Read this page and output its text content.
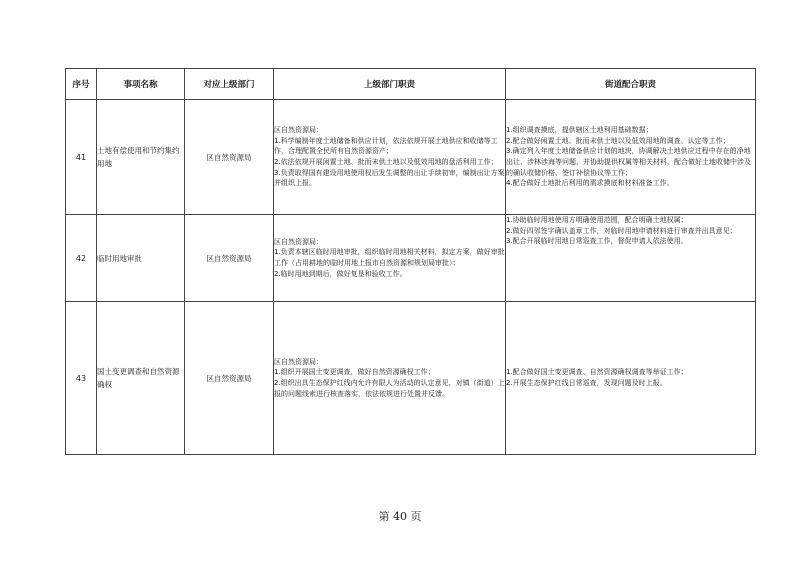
序号	事项名称	对应上级部门	上级部门职责	街道配合职责
41	土地有偿使用和节约集约用地	区自然资源局	区自然资源局：
1.科学编制年度土地储备和供应计划，依法依规开展土地供应和收储等工作，合理配置全民所有自然资源资产；
2.依法依规开展闲置土地、批而未供土地以及低效用地的盘活利用工作；
3.负责取得国有建设用地使用权后发生调整的出让手续初审，编制出让方案并组织上报。	1.组织调查摸底，提供辖区土地利用基础数据；
2.配合做好闲置土地、批而未供土地以及低效用地的调查、认定等工作；
3.确定列入年度土地储备供应计划的地块，协调解决土地供应过程中存在的净地出让、涉林涉海等问题，并协助提供权属等相关材料，配合做好土地收储中涉及的确认收储价格、签订补偿协议等工作；
4.配合做好土地批后利用的需求摸底和材料准备工作。

42	临时用地审批	区自然资源局	区自然资源局：
1.负责本辖区临时用地审批，组织临时用地相关材料，拟定方案，做好审批工作（占用耕地的临时用地上报市自然资源和规划局审批）；
2.临时用地到期后，做好复垦和验收工作。	1.协助临时用地使用方明确使用范围，配合明确土地权属；
2.做好四邻签字确认盖章工作，对临时用地申请材料进行审查并出具意见；
3.配合开展临时用地日常巡查工作，督促申请人依法使用。

43	国土变更调查和自然资源确权	区自然资源局	区自然资源局：
1.组织开展国土变更调查，做好自然资源确权工作；
2.组织出具生态保护红线内允许有限人为活动的认定意见，对镇（街道）上报的问题线索进行核查落实，依法依规进行处置并反馈。	1.配合做好国土变更调查、自然资源确权调查等举证工作；
2.开展生态保护红线日常巡查，发现问题及时上报。
第 40 页
